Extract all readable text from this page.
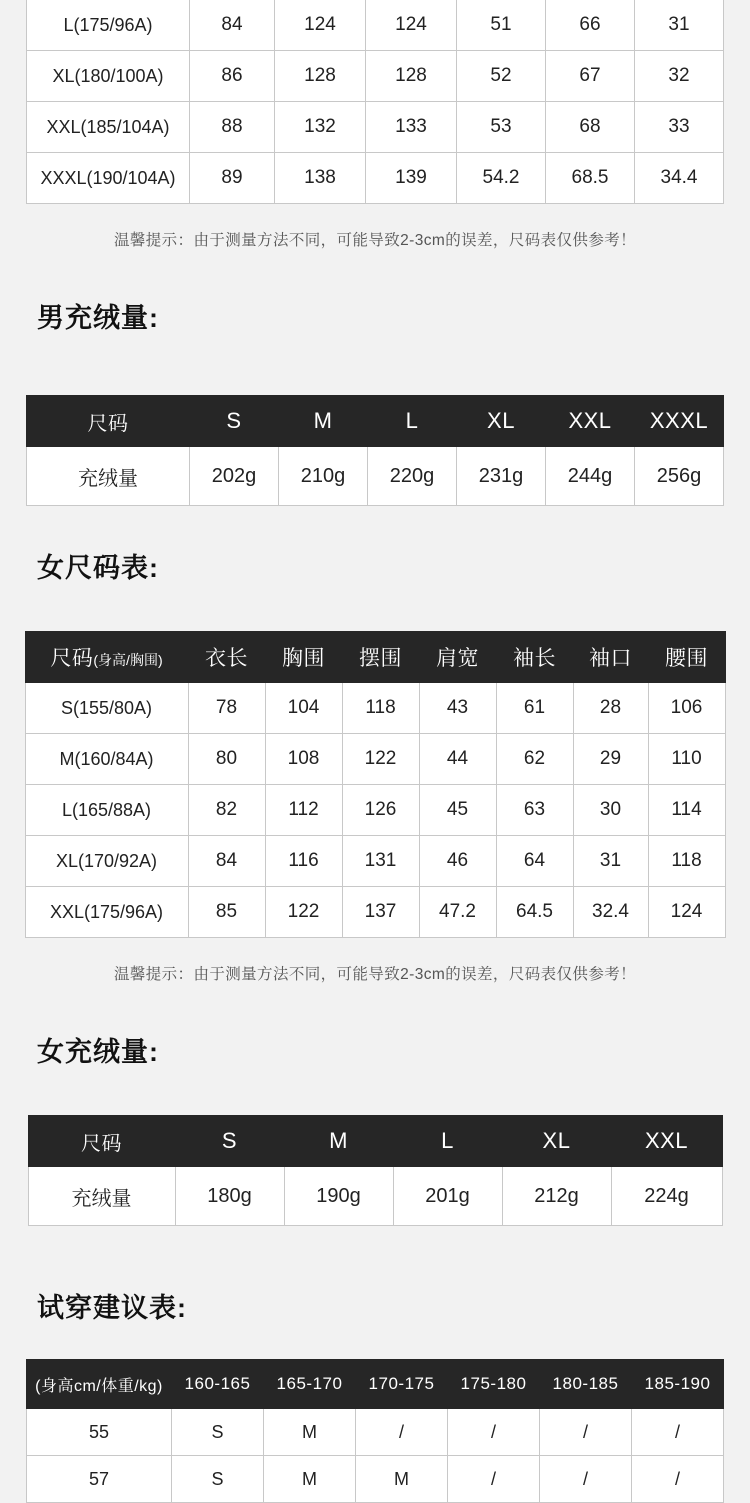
L(175/96A)	84	124	124	51	66	31
XL(180/100A)	86	128	128	52	67	32
XXL(185/104A)	88	132	133	53	68	33
XXXL(190/104A)	89	138	139	54.2	68.5	34.4
温馨提示：由于测量方法不同，可能导致2-3cm的误差，尺码表仅供参考！
男充绒量:
尺码	S	M	L	XL	XXL	XXXL
充绒量	202g	210g	220g	231g	244g	256g
女尺码表:
尺码(身高/胸围)	衣长	胸围	摆围	肩宽	袖长	袖口	腰围
S(155/80A)	78	104	118	43	61	28	106
M(160/84A)	80	108	122	44	62	29	110
L(165/88A)	82	112	126	45	63	30	114
XL(170/92A)	84	116	131	46	64	31	118
XXL(175/96A)	85	122	137	47.2	64.5	32.4	124
温馨提示：由于测量方法不同，可能导致2-3cm的误差，尺码表仅供参考！
女充绒量:
尺码	S	M	L	XL	XXL
充绒量	180g	190g	201g	212g	224g
试穿建议表:
(身高cm/体重/kg)	160-165	165-170	170-175	175-180	180-185	185-190
55	S	M	/	/	/	/
57	S	M	M	/	/	/
